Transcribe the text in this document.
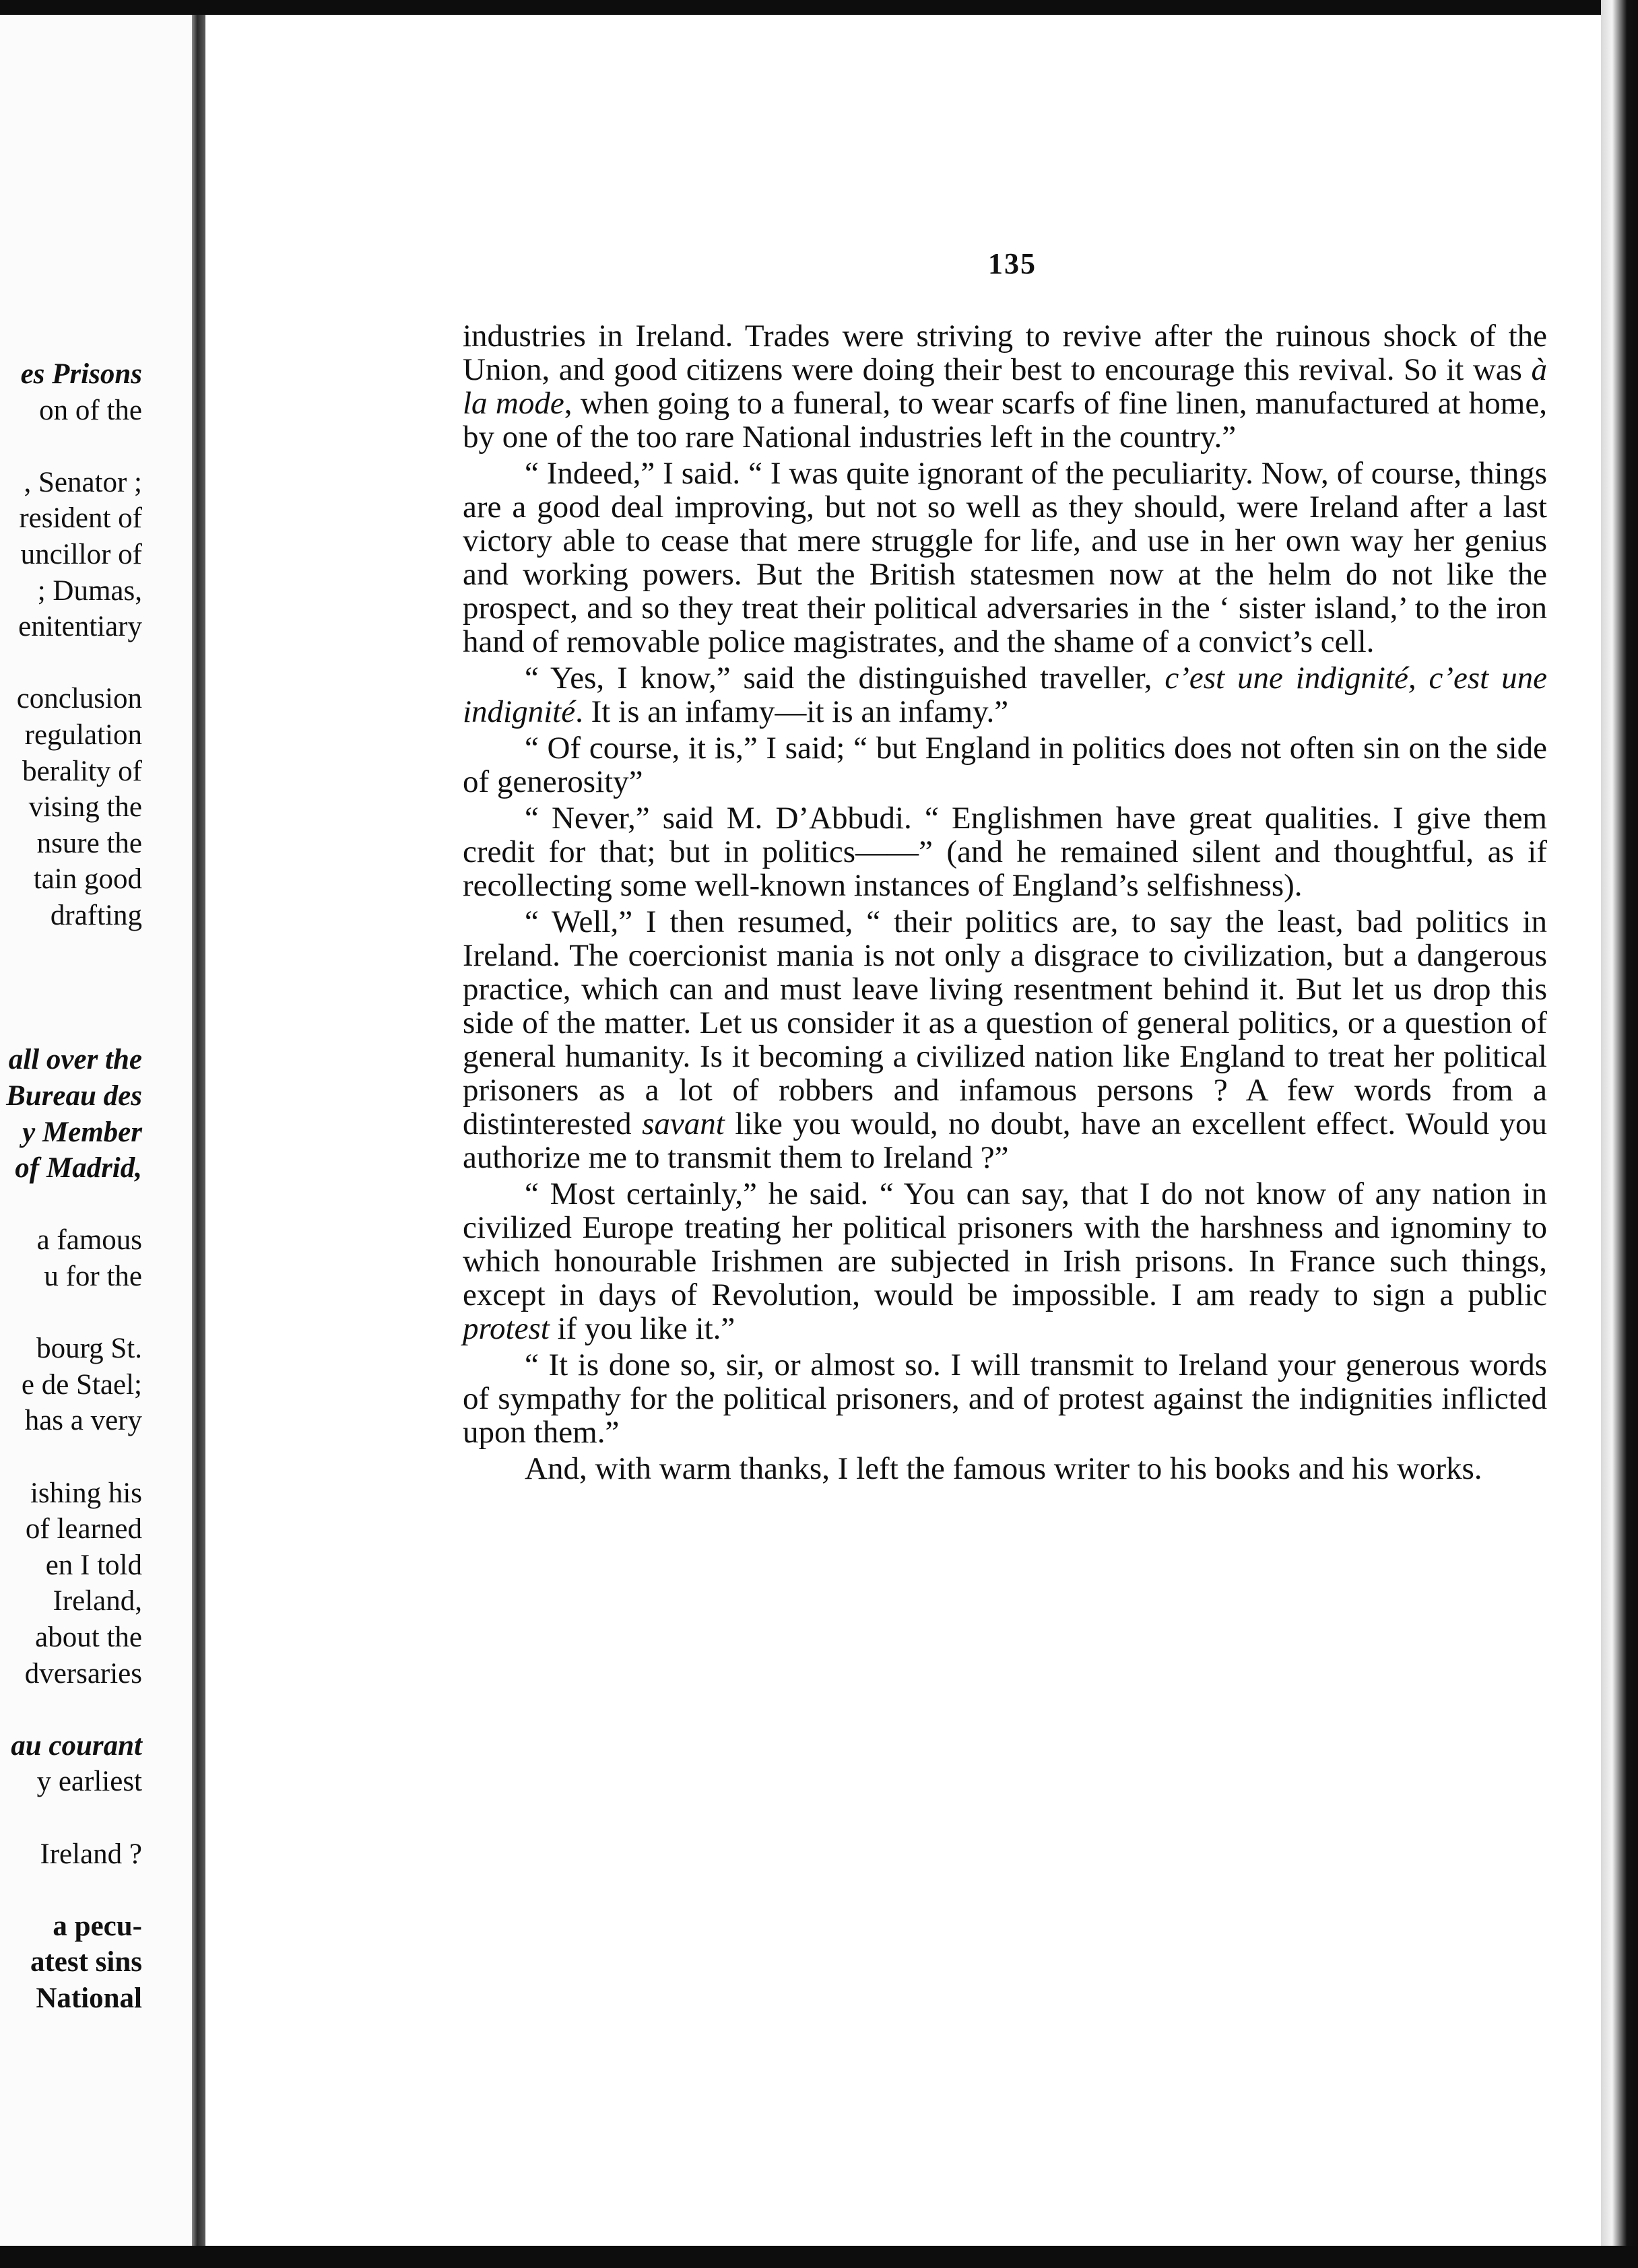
es Prisons
on of the
, Senator ;
resident of
uncillor of
; Dumas,
enitentiary
conclusion
regulation
berality of
vising the
nsure the
tain good
drafting
all over the
Bureau des
y Member
of Madrid,
a famous
u for the
bourg St.
e de Stael;
has a very
ishing his
of learned
en I told
Ireland,
about the
dversaries
au courant
y earliest
Ireland ?
a pecu-
atest sins
National
135

industries in Ireland. Trades were striving to revive after the ruinous shock of the Union, and good citizens were doing their best to encourage this revival. So it was à la mode, when going to a funeral, to wear scarfs of fine linen, manufactured at home, by one of the too rare National industries left in the country.”

“ Indeed,” I said. “ I was quite ignorant of the peculiarity. Now, of course, things are a good deal improving, but not so well as they should, were Ireland after a last victory able to cease that mere struggle for life, and use in her own way her genius and working powers. But the British statesmen now at the helm do not like the prospect, and so they treat their political adversaries in the ‘ sister island,’ to the iron hand of removable police magistrates, and the shame of a convict’s cell.

“ Yes, I know,” said the distinguished traveller, c’est une indignité, c’est une indignité. It is an infamy—it is an infamy.”

“ Of course, it is,” I said; “ but England in politics does not often sin on the side of generosity”

“ Never,” said M. D’Abbudi. “ Englishmen have great qualities. I give them credit for that; but in politics——” (and he remained silent and thoughtful, as if recollecting some well-known instances of England’s selfishness).

“ Well,” I then resumed, “ their politics are, to say the least, bad politics in Ireland. The coercionist mania is not only a disgrace to civilization, but a dangerous practice, which can and must leave living resentment behind it. But let us drop this side of the matter. Let us consider it as a question of general politics, or a question of general humanity. Is it becoming a civilized nation like England to treat her political prisoners as a lot of robbers and infamous persons ? A few words from a distinterested savant like you would, no doubt, have an excellent effect. Would you authorize me to transmit them to Ireland ?”

“ Most certainly,” he said. “ You can say, that I do not know of any nation in civilized Europe treating her political prisoners with the harshness and ignominy to which honourable Irishmen are subjected in Irish prisons. In France such things, except in days of Revolution, would be impossible. I am ready to sign a public protest if you like it.”

“ It is done so, sir, or almost so. I will transmit to Ireland your generous words of sympathy for the political prisoners, and of protest against the indignities inflicted upon them.”

And, with warm thanks, I left the famous writer to his books and his works.
